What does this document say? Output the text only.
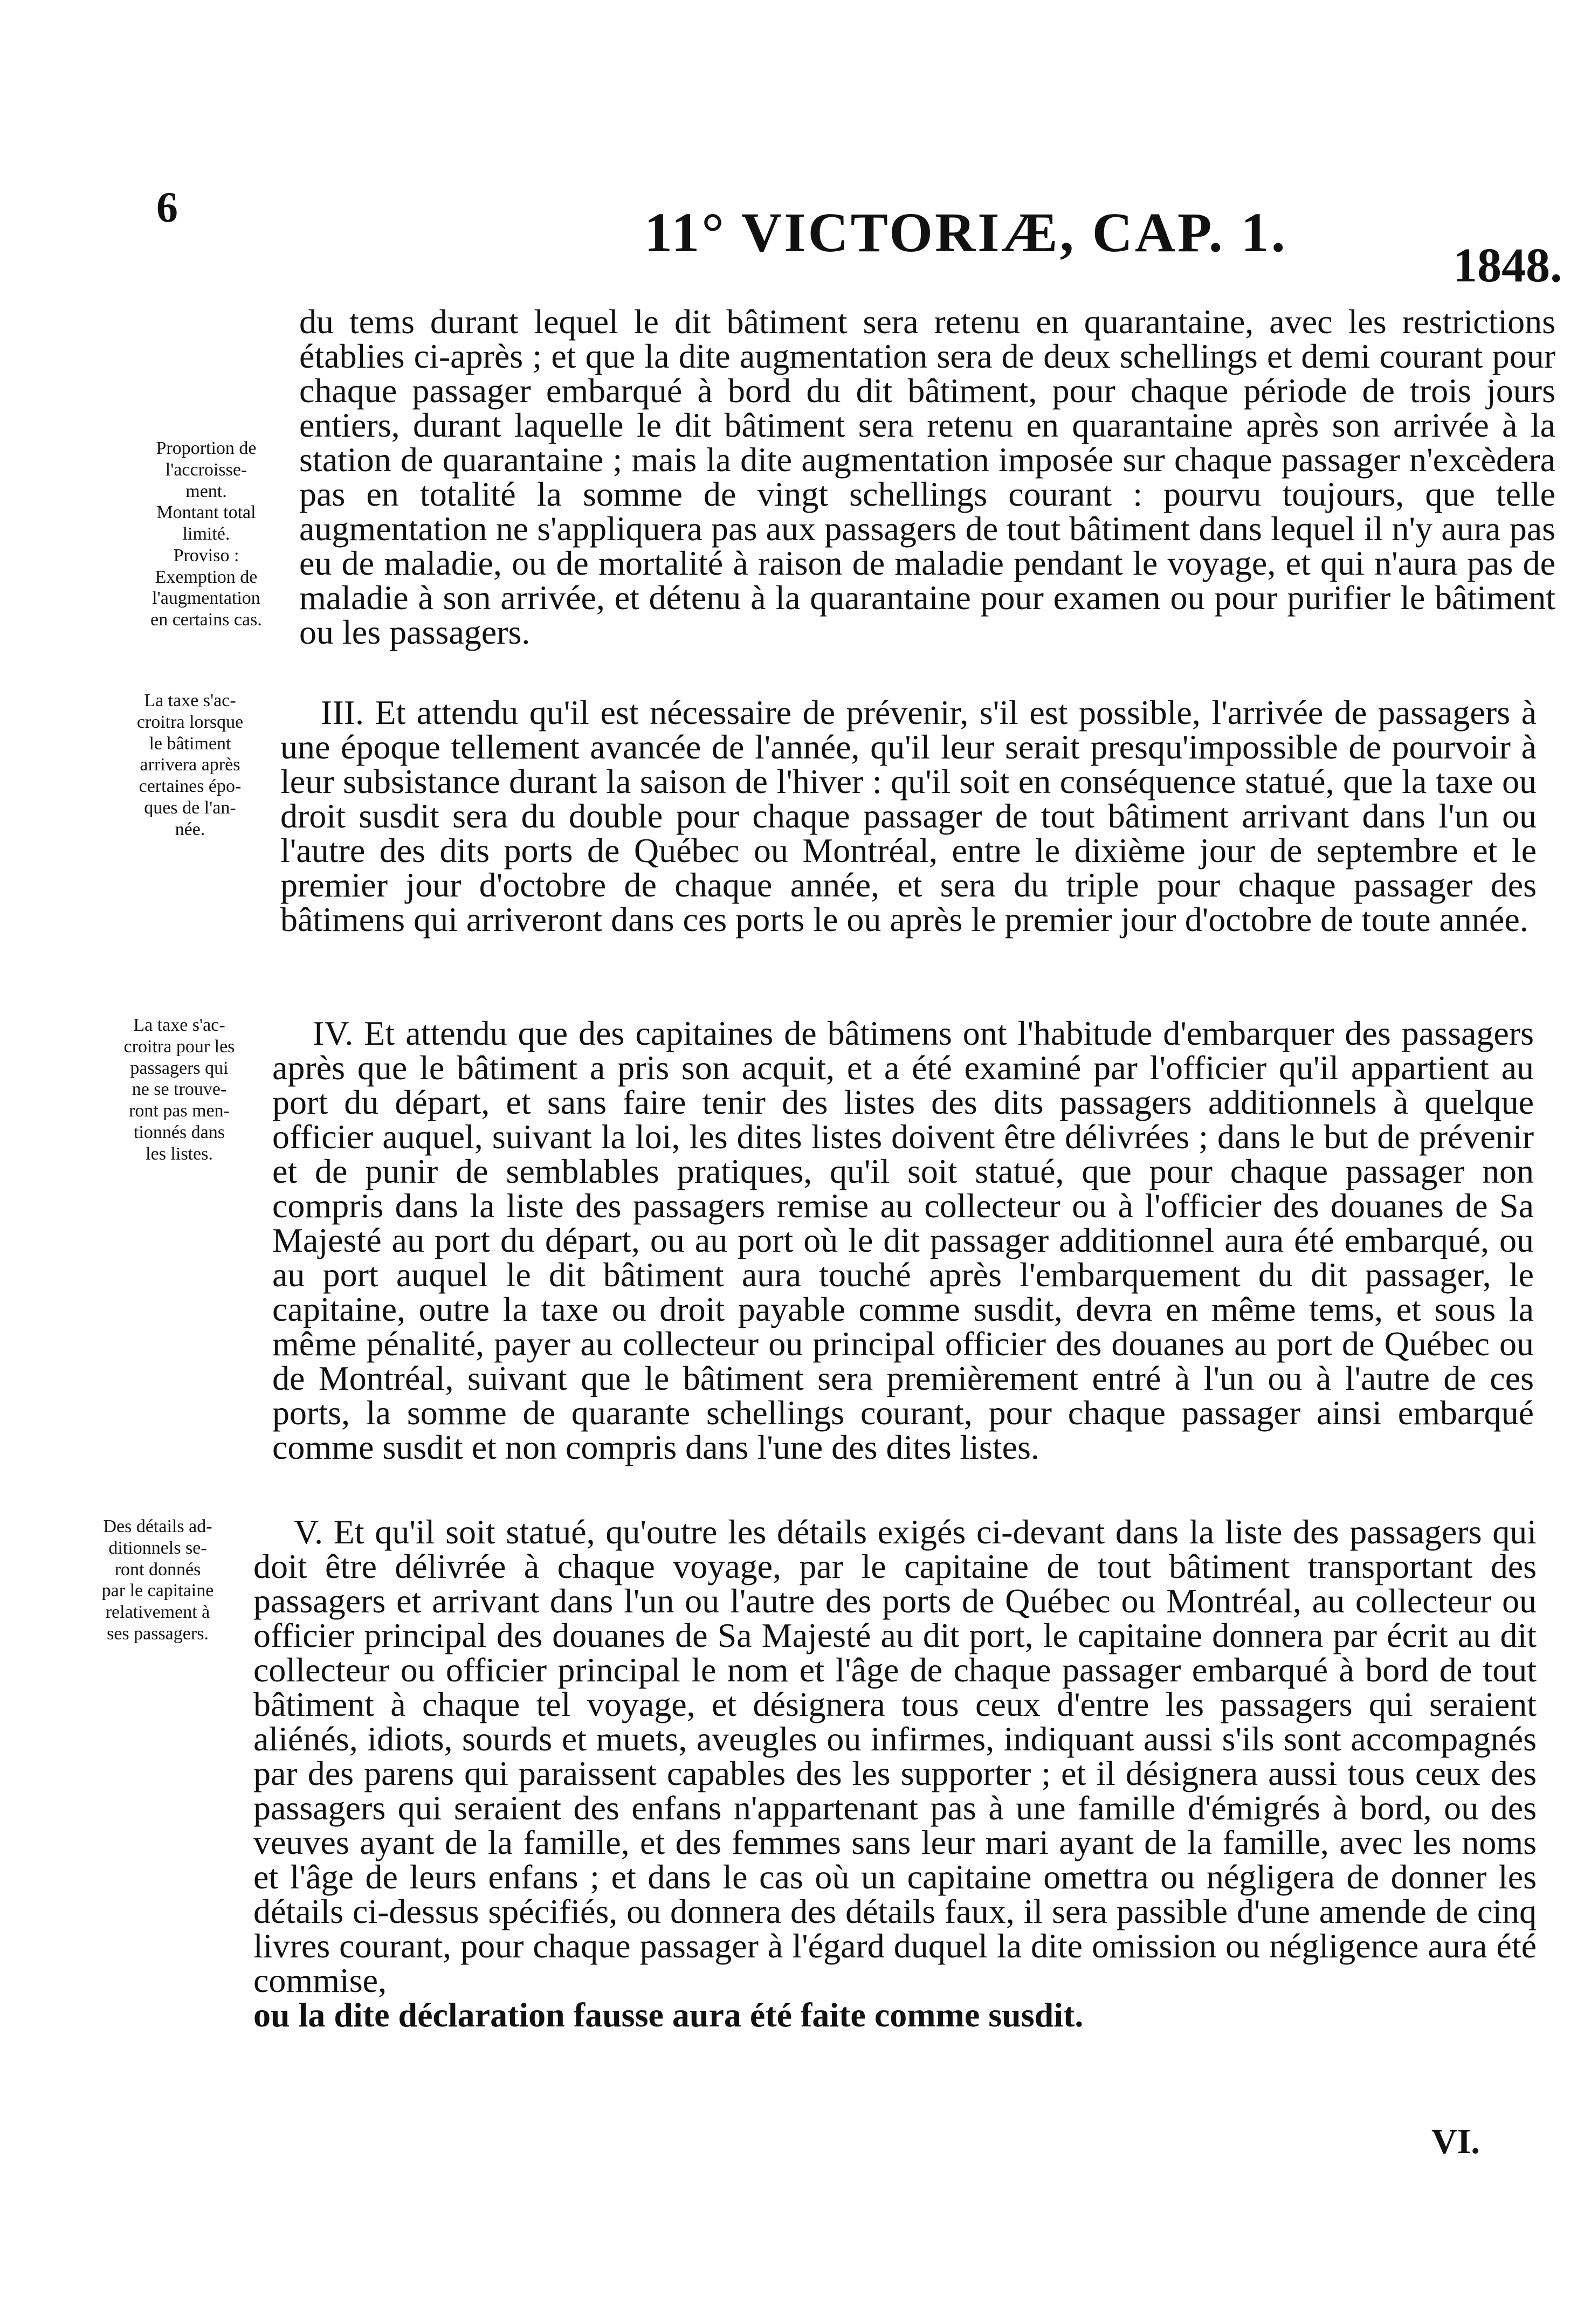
6	11° VICTORIÆ, CAP. 1.
1848.
Proportion de
l'accroisse-
ment.
Montant total
limité.
Proviso :
Exemption de
l'augmentation
en certains cas.
La taxe s'ac-
croitra lorsque
le bâtiment
arrivera après
certaines épo-
ques de l'an-
née.
La taxe s'ac-
croitra pour les
passagers qui
ne se trouve-
ront pas men-
tionnés dans
les listes.
Des détails ad-
ditionnels se-
ront donnés
par le capitaine
relativement à
ses passagers.

du tems durant lequel le dit bâtiment sera retenu en quarantaine, avec les restrictions établies ci-après ; et que la dite augmentation sera de deux schellings et demi courant pour chaque passager embarqué à bord du dit bâtiment, pour chaque période de trois jours entiers, durant laquelle le dit bâtiment sera retenu en quarantaine après son arrivée à la station de quarantaine ; mais la dite augmentation imposée sur chaque passager n'excèdera pas en totalité la somme de vingt schellings courant : pourvu toujours, que telle augmentation ne s'appliquera pas aux passagers de tout bâtiment dans lequel il n'y aura pas eu de maladie, ou de mortalité à raison de maladie pendant le voyage, et qui n'aura pas de maladie à son arrivée, et détenu à la quarantaine pour examen ou pour purifier le bâtiment ou les passagers.

III. Et attendu qu'il est nécessaire de prévenir, s'il est possible, l'arrivée de passagers à une époque tellement avancée de l'année, qu'il leur serait presqu'impossible de pourvoir à leur subsistance durant la saison de l'hiver : qu'il soit en conséquence statué, que la taxe ou droit susdit sera du double pour chaque passager de tout bâtiment arrivant dans l'un ou l'autre des dits ports de Québec ou Montréal, entre le dixième jour de septembre et le premier jour d'octobre de chaque année, et sera du triple pour chaque passager des bâtimens qui arriveront dans ces ports le ou après le premier jour d'octobre de toute année.

IV. Et attendu que des capitaines de bâtimens ont l'habitude d'embarquer des passagers après que le bâtiment a pris son acquit, et a été examiné par l'officier qu'il appartient au port du départ, et sans faire tenir des listes des dits passagers additionnels à quelque officier auquel, suivant la loi, les dites listes doivent être délivrées ; dans le but de prévenir et de punir de semblables pratiques, qu'il soit statué, que pour chaque passager non compris dans la liste des passagers remise au collecteur ou à l'officier des douanes de Sa Majesté au port du départ, ou au port où le dit passager additionnel aura été embarqué, ou au port auquel le dit bâtiment aura touché après l'embarquement du dit passager, le capitaine, outre la taxe ou droit payable comme susdit, devra en même tems, et sous la même pénalité, payer au collecteur ou principal officier des douanes au port de Québec ou de Montréal, suivant que le bâtiment sera premièrement entré à l'un ou à l'autre de ces ports, la somme de quarante schellings courant, pour chaque passager ainsi embarqué comme susdit et non compris dans l'une des dites listes.

V. Et qu'il soit statué, qu'outre les détails exigés ci-devant dans la liste des passagers qui doit être délivrée à chaque voyage, par le capitaine de tout bâtiment transportant des passagers et arrivant dans l'un ou l'autre des ports de Québec ou Montréal, au collecteur ou officier principal des douanes de Sa Majesté au dit port, le capitaine donnera par écrit au dit collecteur ou officier principal le nom et l'âge de chaque passager embarqué à bord de tout bâtiment à chaque tel voyage, et désignera tous ceux d'entre les passagers qui seraient aliénés, idiots, sourds et muets, aveugles ou infirmes, indiquant aussi s'ils sont accompagnés par des parens qui paraissent capables des les supporter ; et il désignera aussi tous ceux des passagers qui seraient des enfans n'appartenant pas à une famille d'émigrés à bord, ou des veuves ayant de la famille, et des femmes sans leur mari ayant de la famille, avec les noms et l'âge de leurs enfans ; et dans le cas où un capitaine omettra ou négligera de donner les détails ci-dessus spécifiés, ou donnera des détails faux, il sera passible d'une amende de cinq livres courant, pour chaque passager à l'égard duquel la dite omission ou négligence aura été commise,

ou la dite déclaration fausse aura été faite comme susdit.

VI.
